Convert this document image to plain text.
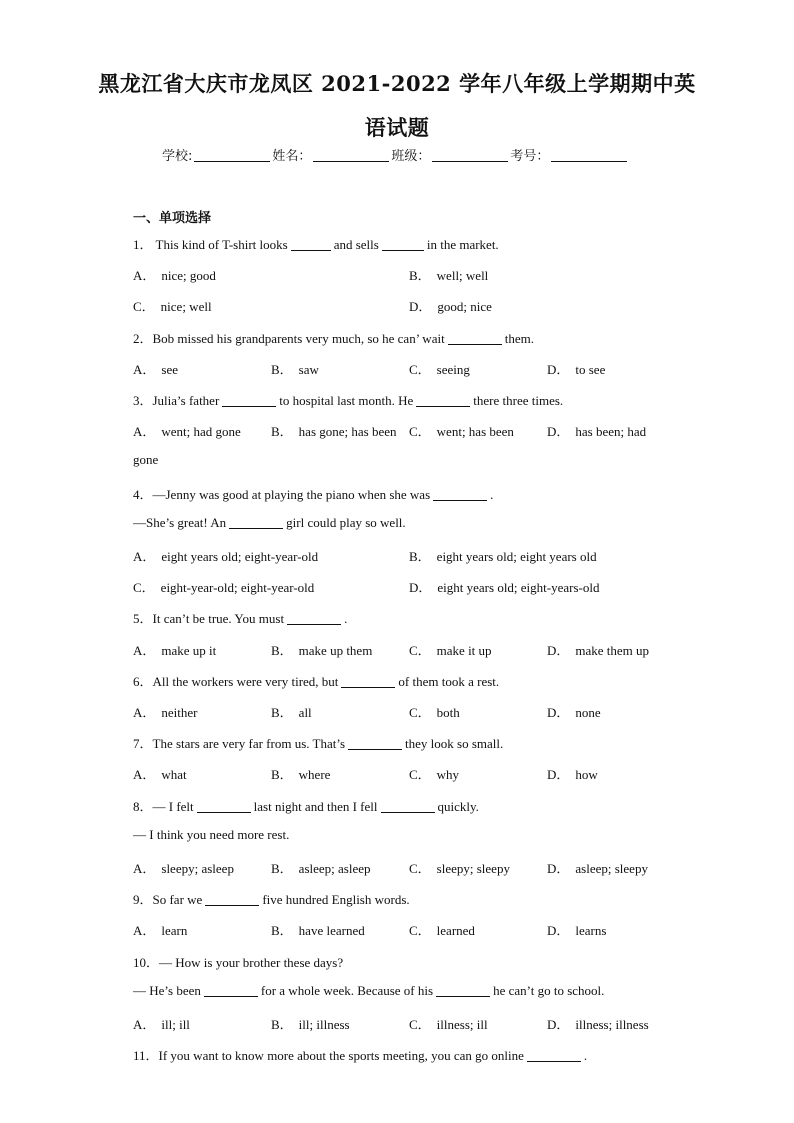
黑龙江省大庆市龙凤区 2021-2022 学年八年级上学期期中英
语试题
学校:	姓名：	班级：	考号：
一、单项选择
1． This kind of T-shirt looks	and sells	in the market.
A． nice; good	B． well; well
C． nice; well	D． good; nice
2．Bob missed his grandparents very much, so he can’ wait	them.
A． see	B． saw	C． seeing	D． to see
3．Julia’s father	to hospital last month. He	there three times.
A． went; had gone B． has gone; has been C． went; has been	D． has been; had
gone
4．—Jenny was good at playing the piano when she was	.
—She’s great! An	girl could play so well.
A． eight years old; eight-year-old	B． eight years old; eight years old
C． eight-year-old; eight-year-old	D． eight years old; eight-years-old
5．It can’t be true. You must	.
A． make up it	B． make up them	C． make it up	D． make them up
6．All the workers were very tired, but	of them took a rest.
A． neither	B． all	C． both	D． none
7．The stars are very far from us. That’s	they look so small.
A． what	B． where	C． why	D． how
8．— I felt	last night and then I fell	quickly.
— I think you need more rest.
A． sleepy; asleep	B． asleep; asleep	C． sleepy; sleepy	D． asleep; sleepy
9．So far we	five hundred English words.
A． learn	B． have learned	C． learned	D． learns
10．— How is your brother these days?
— He’s been	for a whole week. Because of his	he can’t go to school.
A． ill; ill	B． ill; illness	C． illness; ill	D． illness; illness
11．If you want to know more about the sports meeting, you can go online	.
